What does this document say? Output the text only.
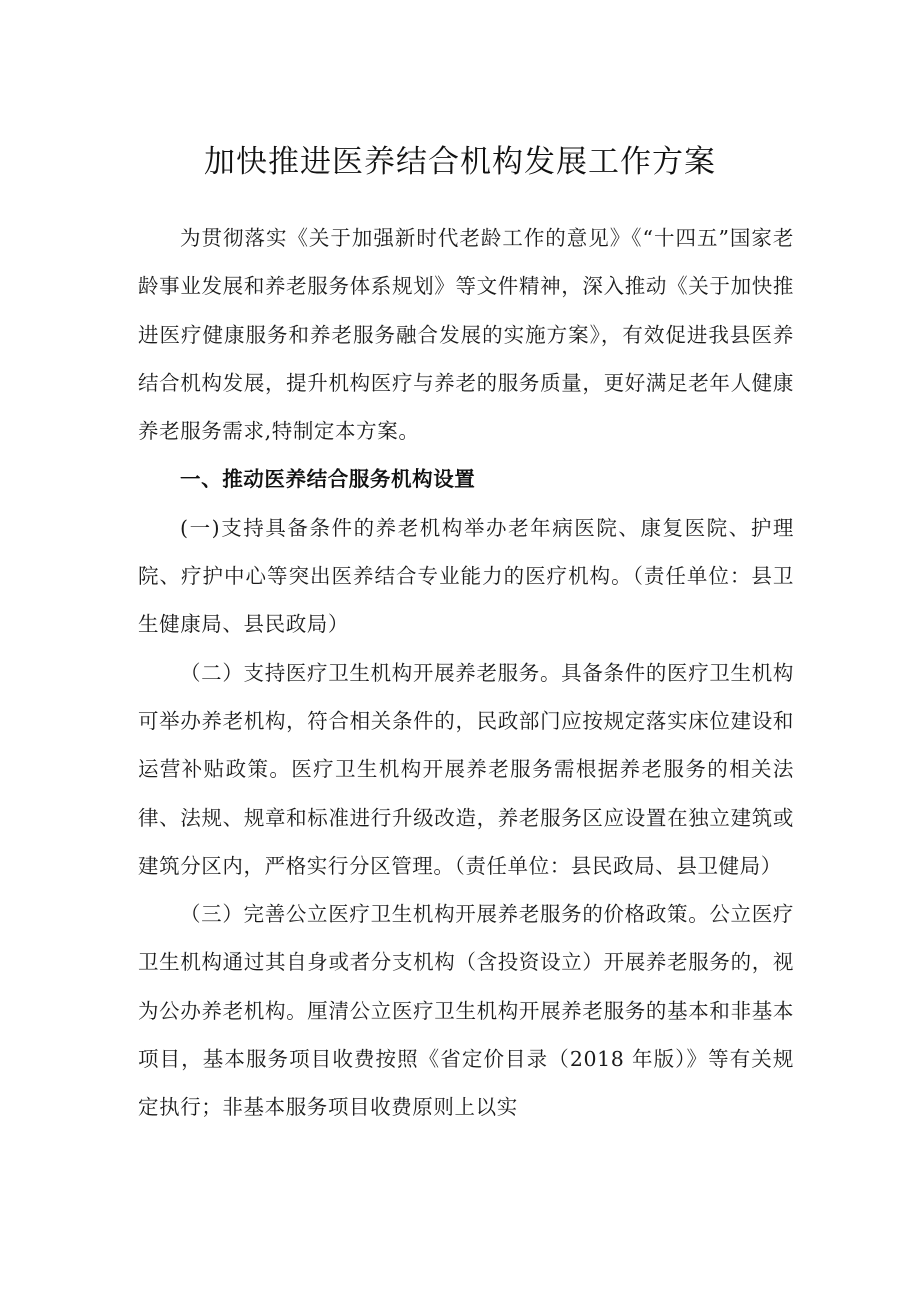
加快推进医养结合机构发展工作方案

为贯彻落实《关于加强新时代老龄工作的意见》《“十四五”国家老龄事业发展和养老服务体系规划》等文件精神，深入推动《关于加快推进医疗健康服务和养老服务融合发展的实施方案》，有效促进我县医养结合机构发展，提升机构医疗与养老的服务质量，更好满足老年人健康养老服务需求,特制定本方案。

一、推动医养结合服务机构设置

(一)支持具备条件的养老机构举办老年病医院、康复医院、护理院、疗护中心等突出医养结合专业能力的医疗机构。（责任单位：县卫生健康局、县民政局）

（二）支持医疗卫生机构开展养老服务。具备条件的医疗卫生机构可举办养老机构，符合相关条件的，民政部门应按规定落实床位建设和运营补贴政策。医疗卫生机构开展养老服务需根据养老服务的相关法律、法规、规章和标准进行升级改造，养老服务区应设置在独立建筑或建筑分区内，严格实行分区管理。（责任单位：县民政局、县卫健局）

（三）完善公立医疗卫生机构开展养老服务的价格政策。公立医疗卫生机构通过其自身或者分支机构（含投资设立）开展养老服务的，视为公办养老机构。厘清公立医疗卫生机构开展养老服务的基本和非基本项目，基本服务项目收费按照《省定价目录（2018 年版）》等有关规定执行；非基本服务项目收费原则上以实
